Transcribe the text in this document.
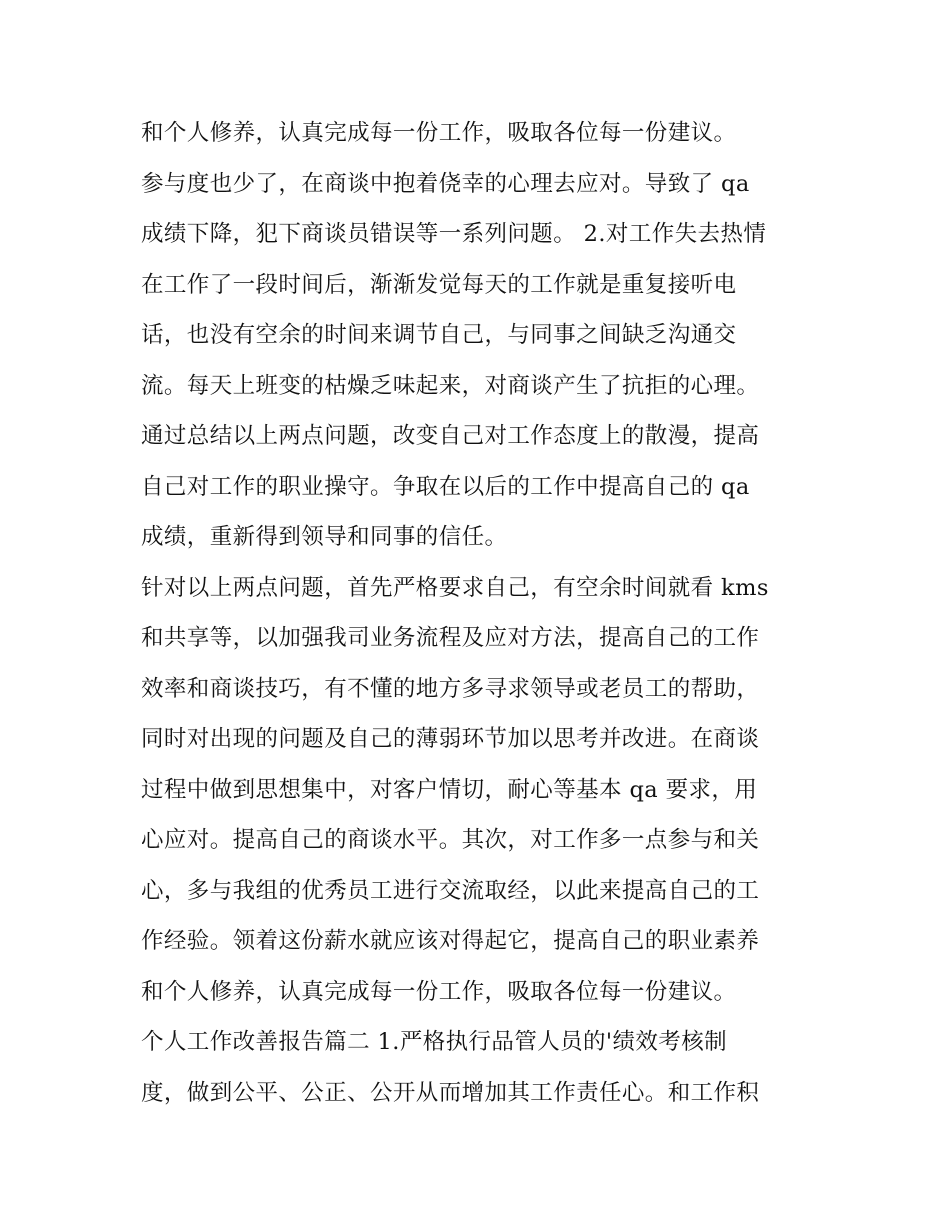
和个人修养，认真完成每一份工作，吸取各位每一份建议。
参与度也少了，在商谈中抱着侥幸的心理去应对。导致了 qa
成绩下降，犯下商谈员错误等一系列问题。 2.对工作失去热情
在工作了一段时间后，渐渐发觉每天的工作就是重复接听电
话，也没有空余的时间来调节自己，与同事之间缺乏沟通交
流。每天上班变的枯燥乏味起来，对商谈产生了抗拒的心理。
通过总结以上两点问题，改变自己对工作态度上的散漫，提高
自己对工作的职业操守。争取在以后的工作中提高自己的 qa
成绩，重新得到领导和同事的信任。
针对以上两点问题，首先严格要求自己，有空余时间就看 kms
和共享等，以加强我司业务流程及应对方法，提高自己的工作
效率和商谈技巧，有不懂的地方多寻求领导或老员工的帮助，
同时对出现的问题及自己的薄弱环节加以思考并改进。在商谈
过程中做到思想集中，对客户情切，耐心等基本 qa 要求，用
心应对。提高自己的商谈水平。其次，对工作多一点参与和关
心，多与我组的优秀员工进行交流取经，以此来提高自己的工
作经验。领着这份薪水就应该对得起它，提高自己的职业素养
和个人修养，认真完成每一份工作，吸取各位每一份建议。
个人工作改善报告篇二 1.严格执行品管人员的'绩效考核制
度，做到公平、公正、公开从而增加其工作责任心。和工作积
